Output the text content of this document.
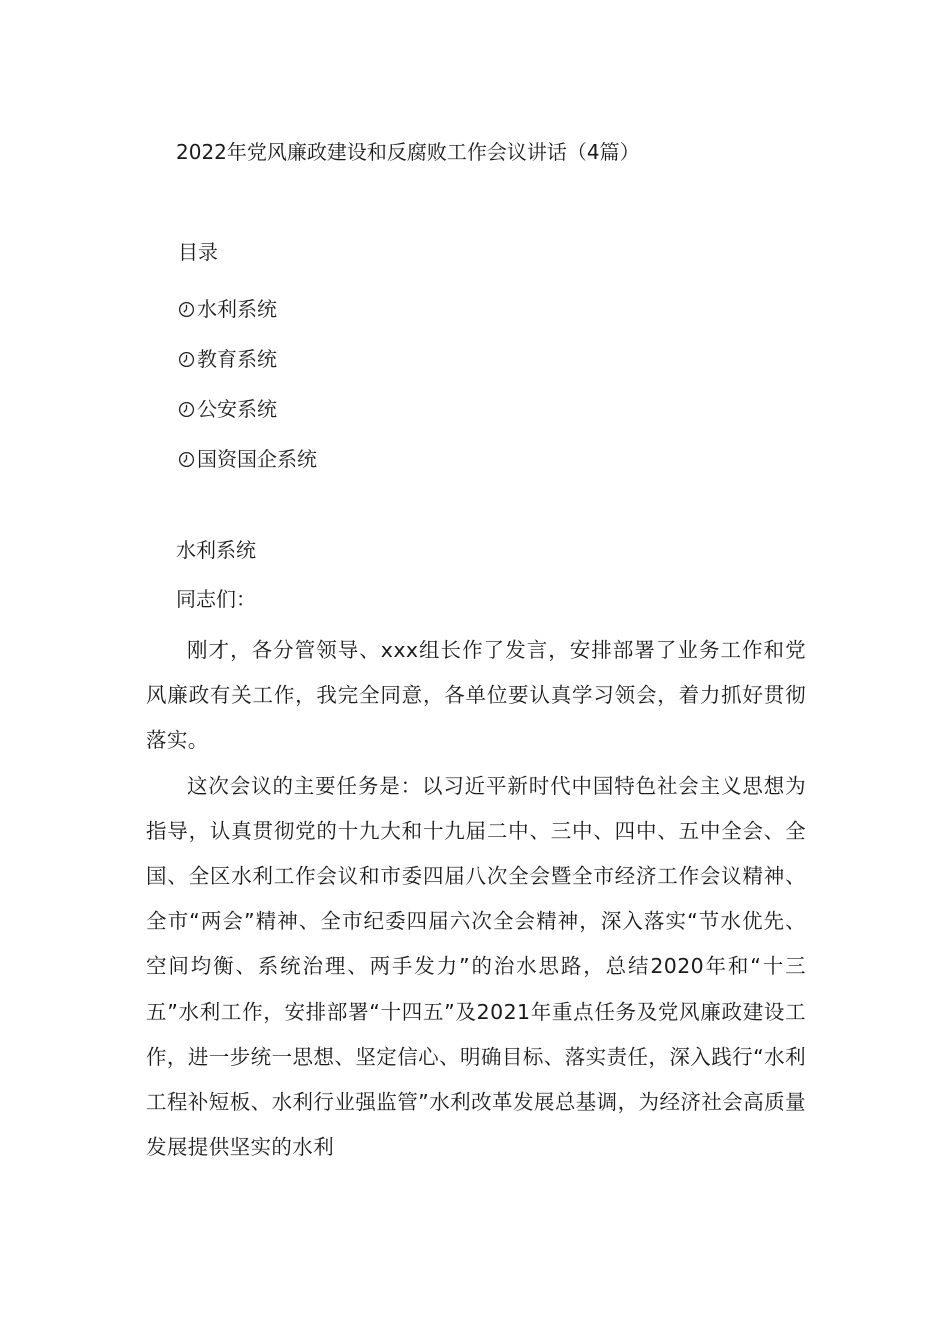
2022年党风廉政建设和反腐败工作会议讲话（4篇）
目录
水利系统
教育系统
公安系统
国资国企系统
水利系统
同志们：

刚才，各分管领导、xxx组长作了发言，安排部署了业务工作和党风廉政有关工作，我完全同意，各单位要认真学习领会，着力抓好贯彻落实。

这次会议的主要任务是：以习近平新时代中国特色社会主义思想为指导，认真贯彻党的十九大和十九届二中、三中、四中、五中全会、全国、全区水利工作会议和市委四届八次全会暨全市经济工作会议精神、全市“两会”精神、全市纪委四届六次全会精神，深入落实“节水优先、空间均衡、系统治理、两手发力”的治水思路，总结2020年和“十三五”水利工作，安排部署“十四五”及2021年重点任务及党风廉政建设工作，进一步统一思想、坚定信心、明确目标、落实责任，深入践行“水利工程补短板、水利行业强监管”水利改革发展总基调，为经济社会高质量发展提供坚实的水利
